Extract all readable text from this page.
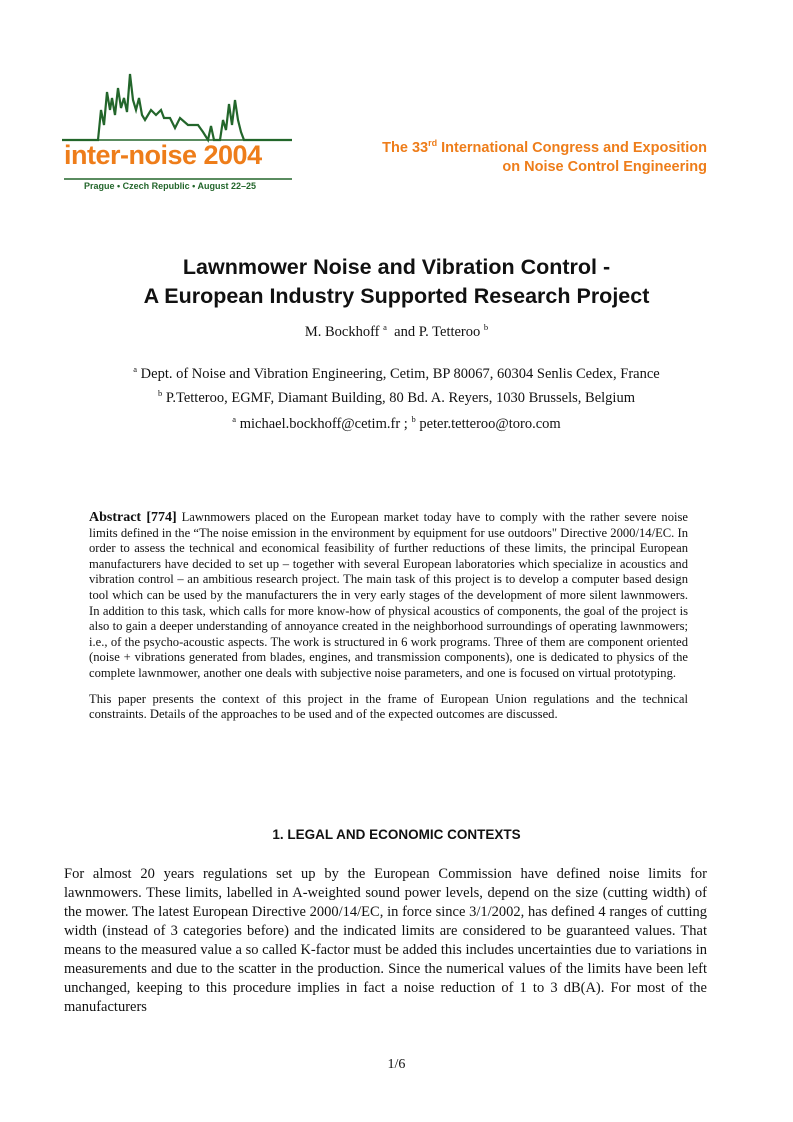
inter-noise 2004
Prague • Czech Republic • August 22–25
The 33rd International Congress and Exposition
on Noise Control Engineering
Lawnmower Noise and Vibration Control -
A European Industry Supported Research Project
M. Bockhoff $^a$  and P. Tetteroo $^b$
$^a$ Dept. of Noise and Vibration Engineering, Cetim, BP 80067, 60304 Senlis Cedex, France
$^b$ P.Tetteroo, EGMF, Diamant Building, 80 Bd. A. Reyers, 1030 Brussels, Belgium
$^a$ michael.bockhoff@cetim.fr ; $^b$ peter.tetteroo@toro.com

Abstract [774] Lawnmowers placed on the European market today have to comply with the rather severe noise limits defined in the “The noise emission in the environment by equipment for use outdoors" Directive 2000/14/EC. In order to assess the technical and economical feasibility of further reductions of these limits, the principal European manufacturers have decided to set up – together with several European laboratories which specialize in acoustics and vibration control – an ambitious research project. The main task of this project is to develop a computer based design tool which can be used by the manufacturers the in very early stages of the development of more silent lawnmowers. In addition to this task, which calls for more know-how of physical acoustics of components, the goal of the project is also to gain a deeper understanding of annoyance created in the neighborhood surroundings of operating lawnmowers; i.e., of the psycho-acoustic aspects. The work is structured in 6 work programs. Three of them are component oriented (noise + vibrations generated from blades, engines, and transmission components), one is dedicated to physics of the complete lawnmower, another one deals with subjective noise parameters, and one is focused on virtual prototyping.

This paper presents the context of this project in the frame of European Union regulations and the technical constraints. Details of the approaches to be used and of the expected outcomes are discussed.

1. LEGAL AND ECONOMIC CONTEXTS

For almost 20 years regulations set up by the European Commission have defined noise limits for lawnmowers. These limits, labelled in A-weighted sound power levels, depend on the size (cutting width) of the mower. The latest European Directive 2000/14/EC, in force since 3/1/2002, has defined 4 ranges of cutting width (instead of 3 categories before) and the indicated limits are considered to be guaranteed values. That means to the measured value a so called K-factor must be added this includes uncertainties due to variations in measurements and due to the scatter in the production. Since the numerical values of the limits have been left unchanged, keeping to this procedure implies in fact a noise reduction of 1 to 3 dB(A). For most of the manufacturers

1/6
